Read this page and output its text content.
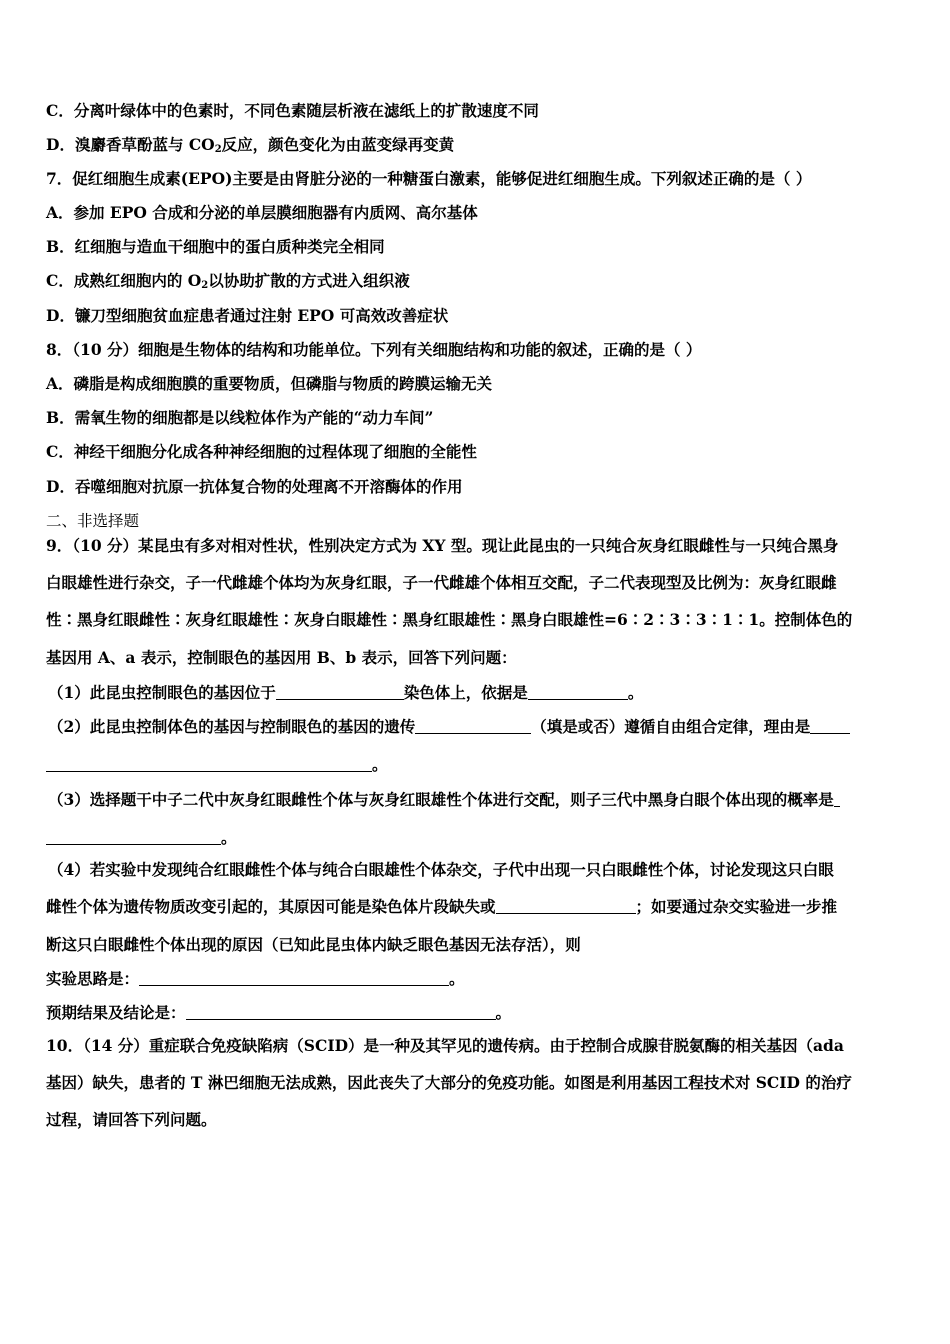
C．分离叶绿体中的色素时，不同色素随层析液在滤纸上的扩散速度不同
D．溴麝香草酚蓝与 $CO_2$反应，颜色变化为由蓝变绿再变黄
7．促红细胞生成素(EPO)主要是由肾脏分泌的一种糖蛋白激素，能够促进红细胞生成。下列叙述正确的是（ ）
A．参加 EPO 合成和分泌的单层膜细胞器有内质网、高尔基体
B．红细胞与造血干细胞中的蛋白质种类完全相同
C．成熟红细胞内的 $O_2$以协助扩散的方式进入组织液
D．镰刀型细胞贫血症患者通过注射 EPO 可高效改善症状
8．（10 分）细胞是生物体的结构和功能单位。下列有关细胞结构和功能的叙述，正确的是（ ）
A．磷脂是构成细胞膜的重要物质，但磷脂与物质的跨膜运输无关
B．需氧生物的细胞都是以线粒体作为产能的“动力车间”
C．神经干细胞分化成各种神经细胞的过程体现了细胞的全能性
D．吞噬细胞对抗原一抗体复合物的处理离不开溶酶体的作用
二、非选择题
9．（10 分）某昆虫有多对相对性状，性别决定方式为 XY 型。现让此昆虫的一只纯合灰身红眼雌性与一只纯合黑身
白眼雄性进行杂交，子一代雌雄个体均为灰身红眼，子一代雌雄个体相互交配，子二代表现型及比例为：灰身红眼雌
性∶黑身红眼雌性∶灰身红眼雄性∶灰身白眼雄性∶黑身红眼雄性∶黑身白眼雄性=6∶2∶3∶3∶1∶1。控制体色的
基因用 A、a 表示，控制眼色的基因用 B、b 表示，回答下列问题：
（1）此昆虫控制眼色的基因位于	染色体上，依据是	。
（2）此昆虫控制体色的基因与控制眼色的基因的遗传	（填是或否）遵循自由组合定律，理由是
。
（3）选择题干中子二代中灰身红眼雌性个体与灰身红眼雄性个体进行交配，则子三代中黑身白眼个体出现的概率是
。
（4）若实验中发现纯合红眼雌性个体与纯合白眼雄性个体杂交，子代中出现一只白眼雌性个体，讨论发现这只白眼
雌性个体为遗传物质改变引起的，其原因可能是染色体片段缺失或	；如要通过杂交实验进一步推
断这只白眼雌性个体出现的原因（已知此昆虫体内缺乏眼色基因无法存活），则
实验思路是：	。
预期结果及结论是：	。
10．（14 分）重症联合免疫缺陷病（SCID）是一种及其罕见的遗传病。由于控制合成腺苷脱氨酶的相关基因（ada
基因）缺失，患者的 T 淋巴细胞无法成熟，因此丧失了大部分的免疫功能。如图是利用基因工程技术对 SCID 的治疗
过程，请回答下列问题。
